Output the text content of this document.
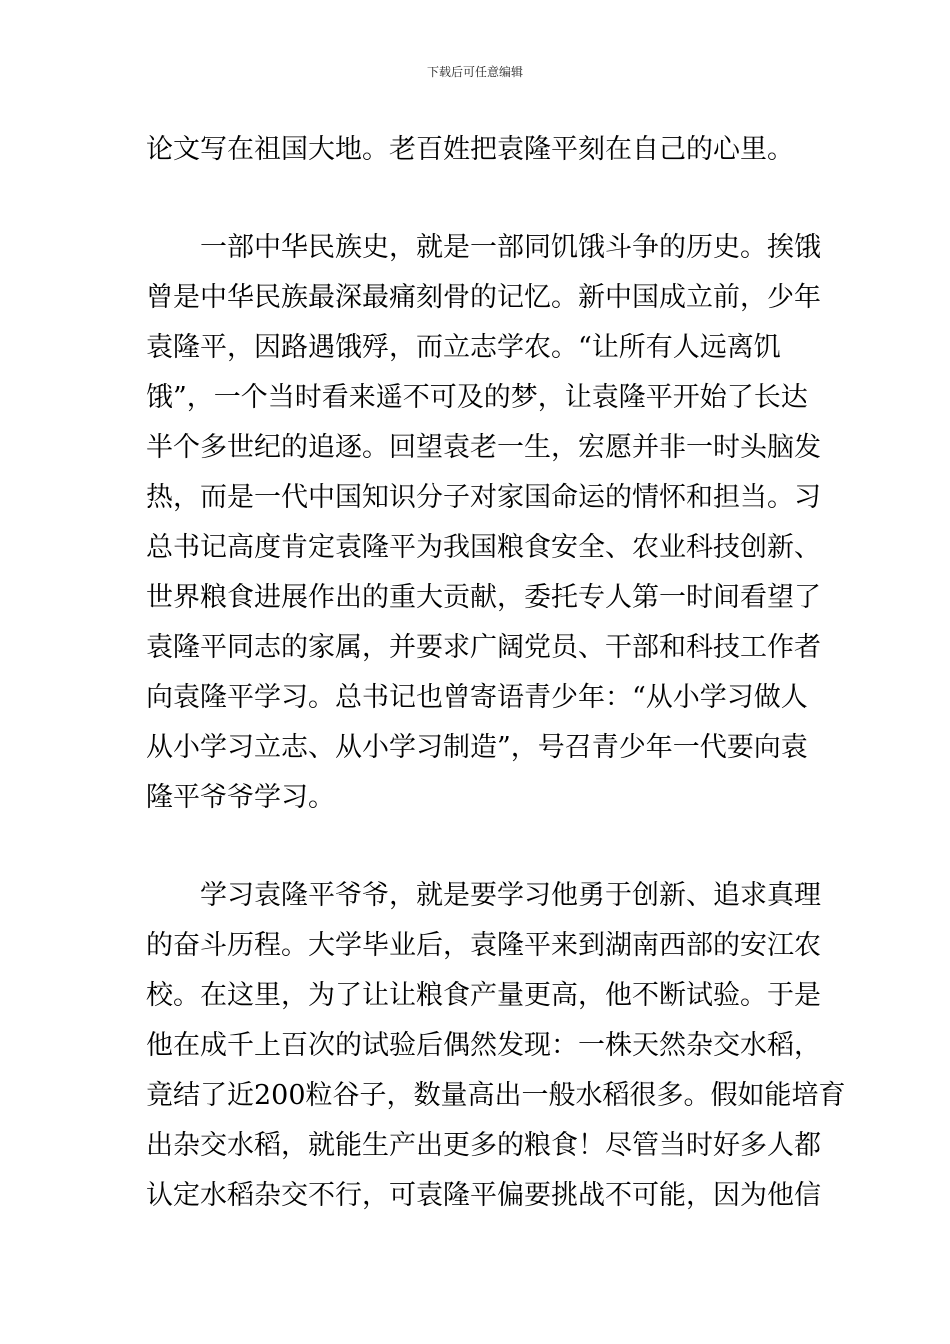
下载后可任意编辑
论文写在祖国大地。老百姓把袁隆平刻在自己的心里。
一部中华民族史，就是一部同饥饿斗争的历史。挨饿
曾是中华民族最深最痛刻骨的记忆。新中国成立前，少年
袁隆平，因路遇饿殍，而立志学农。“让所有人远离饥
饿”，一个当时看来遥不可及的梦，让袁隆平开始了长达
半个多世纪的追逐。回望袁老一生，宏愿并非一时头脑发
热，而是一代中国知识分子对家国命运的情怀和担当。习
总书记高度肯定袁隆平为我国粮食安全、农业科技创新、
世界粮食进展作出的重大贡献，委托专人第一时间看望了
袁隆平同志的家属，并要求广阔党员、干部和科技工作者
向袁隆平学习。总书记也曾寄语青少年：“从小学习做人
从小学习立志、从小学习制造”，号召青少年一代要向袁
隆平爷爷学习。
学习袁隆平爷爷，就是要学习他勇于创新、追求真理
的奋斗历程。大学毕业后，袁隆平来到湖南西部的安江农
校。在这里，为了让让粮食产量更高，他不断试验。于是
他在成千上百次的试验后偶然发现：一株天然杂交水稻，
竟结了近200粒谷子，数量高出一般水稻很多。假如能培育
出杂交水稻，就能生产出更多的粮食！尽管当时好多人都
认定水稻杂交不行，可袁隆平偏要挑战不可能，因为他信
